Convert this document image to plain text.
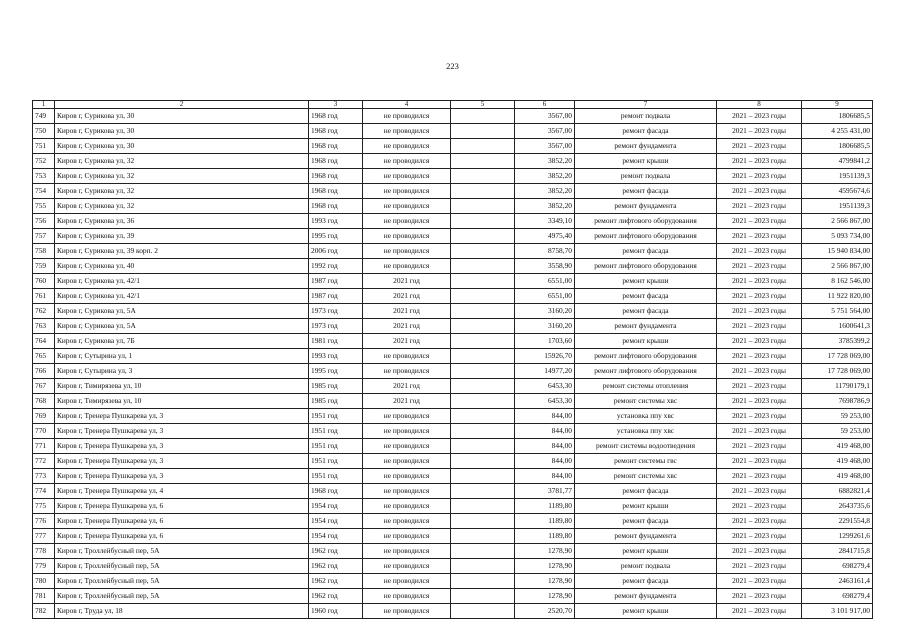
223
1	2	3	4	5	6	7	8	9
749	Киров г, Сурикова ул, 30	1968 год	не проводился		3567,00	ремонт подвала	2021 – 2023 годы	1806685,5
750	Киров г, Сурикова ул, 30	1968 год	не проводился		3567,00	ремонт фасада	2021 – 2023 годы	4 255 431,00
751	Киров г, Сурикова ул, 30	1968 год	не проводился		3567,00	ремонт фундамента	2021 – 2023 годы	1806685,5
752	Киров г, Сурикова ул, 32	1968 год	не проводился		3852,20	ремонт крыши	2021 – 2023 годы	4799841,2
753	Киров г, Сурикова ул, 32	1968 год	не проводился		3852,20	ремонт подвала	2021 – 2023 годы	1951139,3
754	Киров г, Сурикова ул, 32	1968 год	не проводился		3852,20	ремонт фасада	2021 – 2023 годы	4595674,6
755	Киров г, Сурикова ул, 32	1968 год	не проводился		3852,20	ремонт фундамента	2021 – 2023 годы	1951139,3
756	Киров г, Сурикова ул, 36	1993 год	не проводился		3349,10	ремонт лифтового оборудования	2021 – 2023 годы	2 566 867,00
757	Киров г, Сурикова ул, 39	1995 год	не проводился		4975,40	ремонт лифтового оборудования	2021 – 2023 годы	5 093 734,00
758	Киров г, Сурикова ул, 39 корп. 2	2006 год	не проводился		8758,70	ремонт фасада	2021 – 2023 годы	15 940 834,00
759	Киров г, Сурикова ул, 40	1992 год	не проводился		3558,90	ремонт лифтового оборудования	2021 – 2023 годы	2 566 867,00
760	Киров г, Сурикова ул, 42/1	1987 год	2021 год		6551,00	ремонт крыши	2021 – 2023 годы	8 162 546,00
761	Киров г, Сурикова ул, 42/1	1987 год	2021 год		6551,00	ремонт фасада	2021 – 2023 годы	11 922 820,00
762	Киров г, Сурикова ул, 5А	1973 год	2021 год		3160,20	ремонт фасада	2021 – 2023 годы	5 751 564,00
763	Киров г, Сурикова ул, 5А	1973 год	2021 год		3160,20	ремонт фундамента	2021 – 2023 годы	1600641,3
764	Киров г, Сурикова ул, 7Б	1981 год	2021 год		1703,60	ремонт крыши	2021 – 2023 годы	3785399,2
765	Киров г, Сутырина ул, 1	1993 год	не проводился		15926,70	ремонт лифтового оборудования	2021 – 2023 годы	17 728 069,00
766	Киров г, Сутырина ул, 3	1995 год	не проводился		14977,20	ремонт лифтового оборудования	2021 – 2023 годы	17 728 069,00
767	Киров г, Тимирязева ул, 10	1985 год	2021 год		6453,30	ремонт системы отопления	2021 – 2023 годы	11790179,1
768	Киров г, Тимирязева ул, 10	1985 год	2021 год		6453,30	ремонт системы хвс	2021 – 2023 годы	7698786,9
769	Киров г, Тренера Пушкарева ул, 3	1951 год	не проводился		844,00	установка ппу хвс	2021 – 2023 годы	59 253,00
770	Киров г, Тренера Пушкарева ул, 3	1951 год	не проводился		844,00	установка ппу хвс	2021 – 2023 годы	59 253,00
771	Киров г, Тренера Пушкарева ул, 3	1951 год	не проводился		844,00	ремонт системы водоотведения	2021 – 2023 годы	419 468,00
772	Киров г, Тренера Пушкарева ул, 3	1951 год	не проводился		844,00	ремонт системы гвс	2021 – 2023 годы	419 468,00
773	Киров г, Тренера Пушкарева ул, 3	1951 год	не проводился		844,00	ремонт системы хвс	2021 – 2023 годы	419 468,00
774	Киров г, Тренера Пушкарева ул, 4	1968 год	не проводился		3781,77	ремонт фасада	2021 – 2023 годы	6882821,4
775	Киров г, Тренера Пушкарева ул, 6	1954 год	не проводился		1189,80	ремонт крыши	2021 – 2023 годы	2643735,6
776	Киров г, Тренера Пушкарева ул, 6	1954 год	не проводился		1189,80	ремонт фасада	2021 – 2023 годы	2291554,8
777	Киров г, Тренера Пушкарева ул, 6	1954 год	не проводился		1189,80	ремонт фундамента	2021 – 2023 годы	1299261,6
778	Киров г, Троллейбусный пер, 5А	1962 год	не проводился		1278,90	ремонт крыши	2021 – 2023 годы	2841715,8
779	Киров г, Троллейбусный пер, 5А	1962 год	не проводился		1278,90	ремонт подвала	2021 – 2023 годы	698279,4
780	Киров г, Троллейбусный пер, 5А	1962 год	не проводился		1278,90	ремонт фасада	2021 – 2023 годы	2463161,4
781	Киров г, Троллейбусный пер, 5А	1962 год	не проводился		1278,90	ремонт фундамента	2021 – 2023 годы	698279,4
782	Киров г, Труда ул, 18	1960 год	не проводился		2520,70	ремонт крыши	2021 – 2023 годы	3 101 917,00
